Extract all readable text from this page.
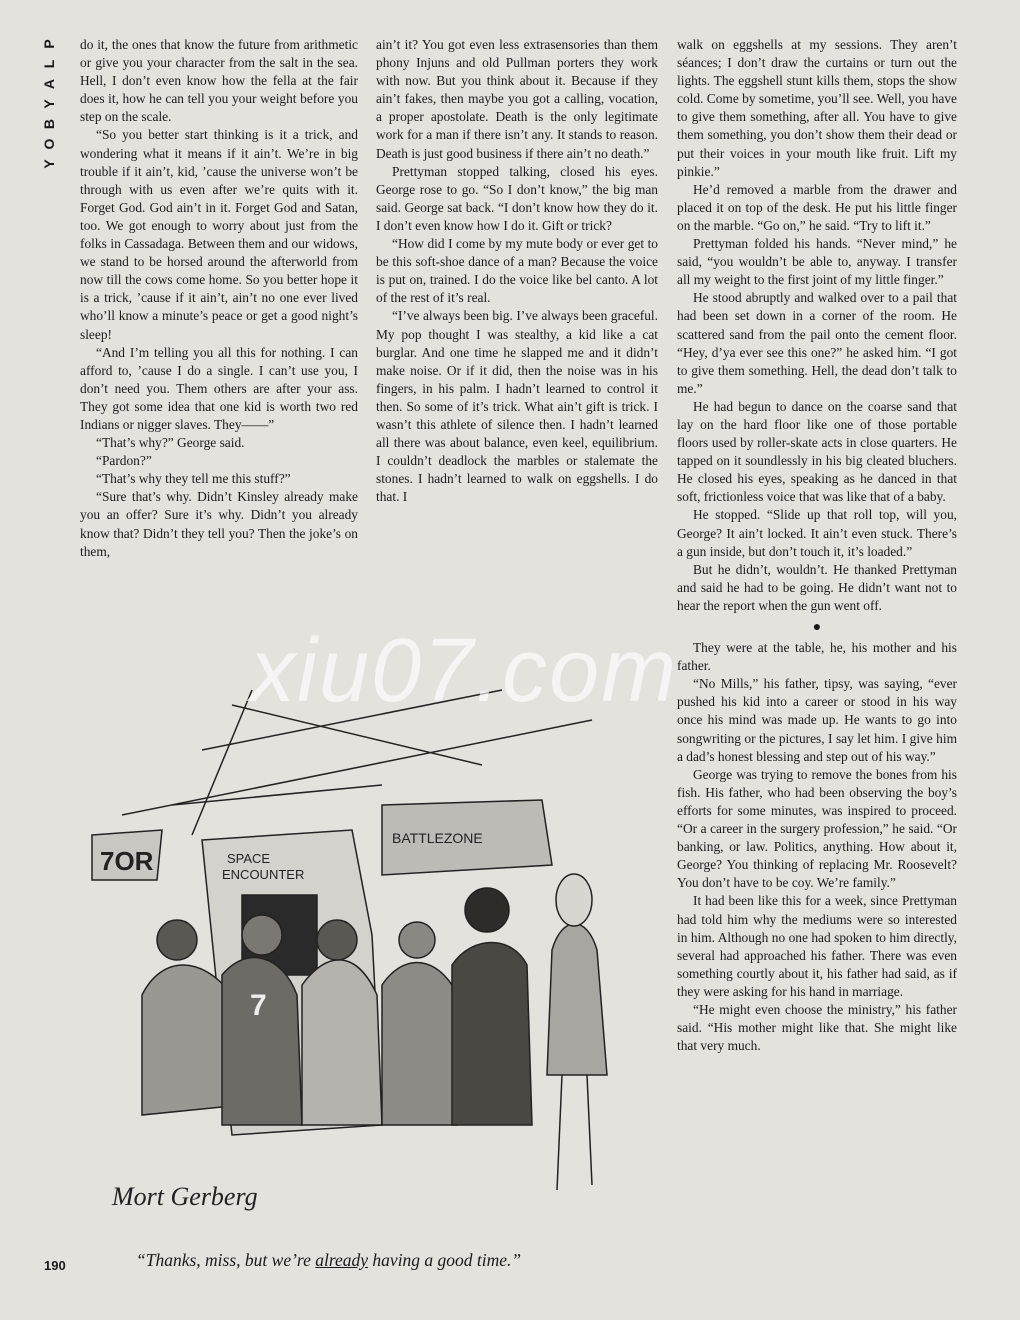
P
L
A
Y
B
O
Y

do it, the ones that know the future from arithmetic or give you your character from the salt in the sea. Hell, I don’t even know how the fella at the fair does it, how he can tell you your weight before you step on the scale.

“So you better start thinking is it a trick, and wondering what it means if it ain’t. We’re in big trouble if it ain’t, kid, ’cause the universe won’t be through with us even after we’re quits with it. Forget God. God ain’t in it. Forget God and Satan, too. We got enough to worry about just from the folks in Cassadaga. Between them and our widows, we stand to be horsed around the afterworld from now till the cows come home. So you better hope it is a trick, ’cause if it ain’t, ain’t no one ever lived who’ll know a minute’s peace or get a good night’s sleep!

“And I’m telling you all this for nothing. I can afford to, ’cause I do a single. I can’t use you, I don’t need you. Them others are after your ass. They got some idea that one kid is worth two red Indians or nigger slaves. They——”

“That’s why?” George said.

“Pardon?”

“That’s why they tell me this stuff?”

“Sure that’s why. Didn’t Kinsley already make you an offer? Sure it’s why. Didn’t you already know that? Didn’t they tell you? Then the joke’s on them,

ain’t it? You got even less extrasensories than them phony Injuns and old Pullman porters they work with now. But you think about it. Because if they ain’t fakes, then maybe you got a calling, vocation, a proper apostolate. Death is the only legitimate work for a man if there isn’t any. It stands to reason. Death is just good business if there ain’t no death.”

Prettyman stopped talking, closed his eyes. George rose to go. “So I don’t know,” the big man said. George sat back. “I don’t know how they do it. I don’t even know how I do it. Gift or trick?

“How did I come by my mute body or ever get to be this soft-shoe dance of a man? Because the voice is put on, trained. I do the voice like bel canto. A lot of the rest of it’s real.

“I’ve always been big. I’ve always been graceful. My pop thought I was stealthy, a kid like a cat burglar. And one time he slapped me and it didn’t make noise. Or if it did, then the noise was in his fingers, in his palm. I hadn’t learned to control it then. So some of it’s trick. What ain’t gift is trick. I wasn’t this athlete of silence then. I hadn’t learned all there was about balance, even keel, equilibrium. I couldn’t deadlock the marbles or stalemate the stones. I hadn’t learned to walk on eggshells. I do that. I

walk on eggshells at my sessions. They aren’t séances; I don’t draw the curtains or turn out the lights. The eggshell stunt kills them, stops the show cold. Come by sometime, you’ll see. Well, you have to give them something, after all. You have to give them something, you don’t show them their dead or put their voices in your mouth like fruit. Lift my pinkie.”

He’d removed a marble from the drawer and placed it on top of the desk. He put his little finger on the marble. “Go on,” he said. “Try to lift it.”

Prettyman folded his hands. “Never mind,” he said, “you wouldn’t be able to, anyway. I transfer all my weight to the first joint of my little finger.”

He stood abruptly and walked over to a pail that had been set down in a corner of the room. He scattered sand from the pail onto the cement floor. “Hey, d’ya ever see this one?” he asked him. “I got to give them something. Hell, the dead don’t talk to me.”

He had begun to dance on the coarse sand that lay on the hard floor like one of those portable floors used by roller-skate acts in close quarters. He tapped on it soundlessly in his big cleated bluchers. He closed his eyes, speaking as he danced in that soft, frictionless voice that was like that of a baby.

He stopped. “Slide up that roll top, will you, George? It ain’t locked. It ain’t even stuck. There’s a gun inside, but don’t touch it, it’s loaded.”

But he didn’t, wouldn’t. He thanked Prettyman and said he had to be going. He didn’t want not to hear the report when the gun went off.

●

They were at the table, he, his mother and his father.

“No Mills,” his father, tipsy, was saying, “ever pushed his kid into a career or stood in his way once his mind was made up. He wants to go into songwriting or the pictures, I say let him. I give him a dad’s honest blessing and step out of his way.”

George was trying to remove the bones from his fish. His father, who had been observing the boy’s efforts for some minutes, was inspired to proceed. “Or a career in the surgery profession,” he said. “Or banking, or law. Politics, anything. How about it, George? You thinking of replacing Mr. Roosevelt? You don’t have to be coy. We’re family.”

It had been like this for a week, since Prettyman had told him why the mediums were so interested in him. Although no one had spoken to him directly, several had approached his father. There was even something courtly about it, his father had said, as if they were asking for his hand in marriage.

“He might even choose the ministry,” his father said. “His mother might like that. She might like that very much.

7OR	SPACE
ENCOUNTER
BATTLEZONE
7
Mort Gerberg
“Thanks, miss, but we’re already having a good time.”
190
xiu07.com
